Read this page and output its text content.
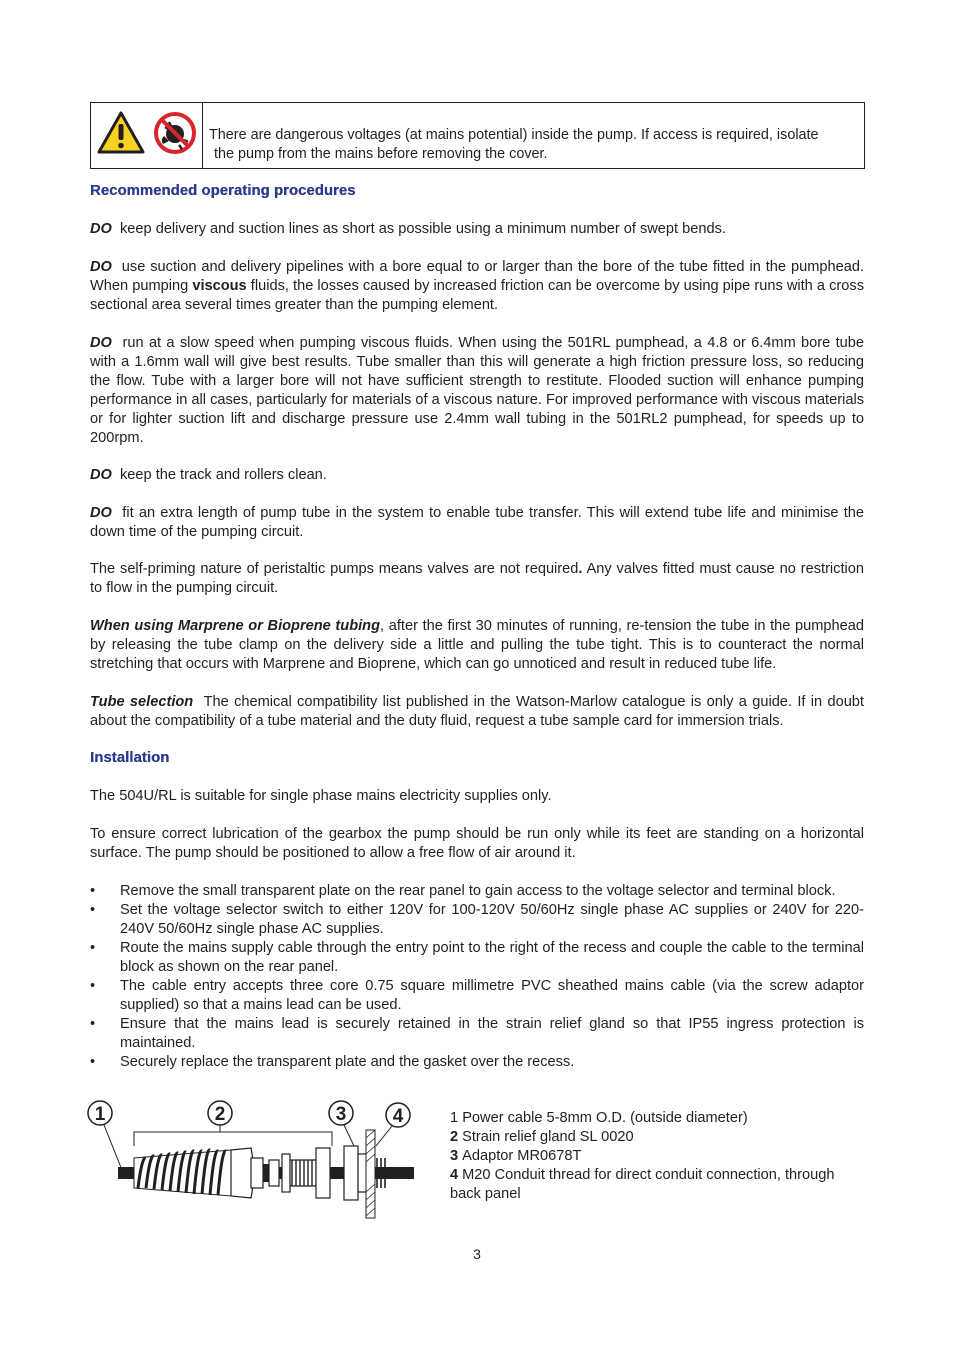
There are dangerous voltages (at mains potential) inside the pump. If access is required, isolate
the pump from the mains before removing the cover.
Recommended operating procedures

DO keep delivery and suction lines as short as possible using a minimum number of swept bends.

DO use suction and delivery pipelines with a bore equal to or larger than the bore of the tube fitted in the pumphead. When pumping viscous fluids, the losses caused by increased friction can be overcome by using pipe runs with a cross sectional area several times greater than the pumping element.

DO run at a slow speed when pumping viscous fluids. When using the 501RL pumphead, a 4.8 or 6.4mm bore tube with a 1.6mm wall will give best results. Tube smaller than this will generate a high friction pressure loss, so reducing the flow. Tube with a larger bore will not have sufficient strength to restitute. Flooded suction will enhance pumping performance in all cases, particularly for materials of a viscous nature. For improved performance with viscous materials or for lighter suction lift and discharge pressure use 2.4mm wall tubing in the 501RL2 pumphead, for speeds up to 200rpm.

DO keep the track and rollers clean.

DO fit an extra length of pump tube in the system to enable tube transfer. This will extend tube life and minimise the down time of the pumping circuit.

The self-priming nature of peristaltic pumps means valves are not required. Any valves fitted must cause no restriction to flow in the pumping circuit.

When using Marprene or Bioprene tubing, after the first 30 minutes of running, re-tension the tube in the pumphead by releasing the tube clamp on the delivery side a little and pulling the tube tight. This is to counteract the normal stretching that occurs with Marprene and Bioprene, which can go unnoticed and result in reduced tube life.

Tube selection The chemical compatibility list published in the Watson-Marlow catalogue is only a guide. If in doubt about the compatibility of a tube material and the duty fluid, request a tube sample card for immersion trials.

Installation

The 504U/RL is suitable for single phase mains electricity supplies only.

To ensure correct lubrication of the gearbox the pump should be run only while its feet are standing on a horizontal surface. The pump should be positioned to allow a free flow of air around it.

• Remove the small transparent plate on the rear panel to gain access to the voltage selector and terminal block.
• Set the voltage selector switch to either 120V for 100-120V 50/60Hz single phase AC supplies or 240V for 220-240V 50/60Hz single phase AC supplies.
• Route the mains supply cable through the entry point to the right of the recess and couple the cable to the terminal block as shown on the rear panel.
• The cable entry accepts three core 0.75 square millimetre PVC sheathed mains cable (via the screw adaptor supplied) so that a mains lead can be used.
• Ensure that the mains lead is securely retained in the strain relief gland so that IP55 ingress protection is maintained.
• Securely replace the transparent plate and the gasket over the recess.
1	2	3 4	1 Power cable 5-8mm O.D. (outside diameter)
2 Strain relief gland SL 0020
3 Adaptor MR0678T
4 M20 Conduit thread for direct conduit connection, through back panel
3
